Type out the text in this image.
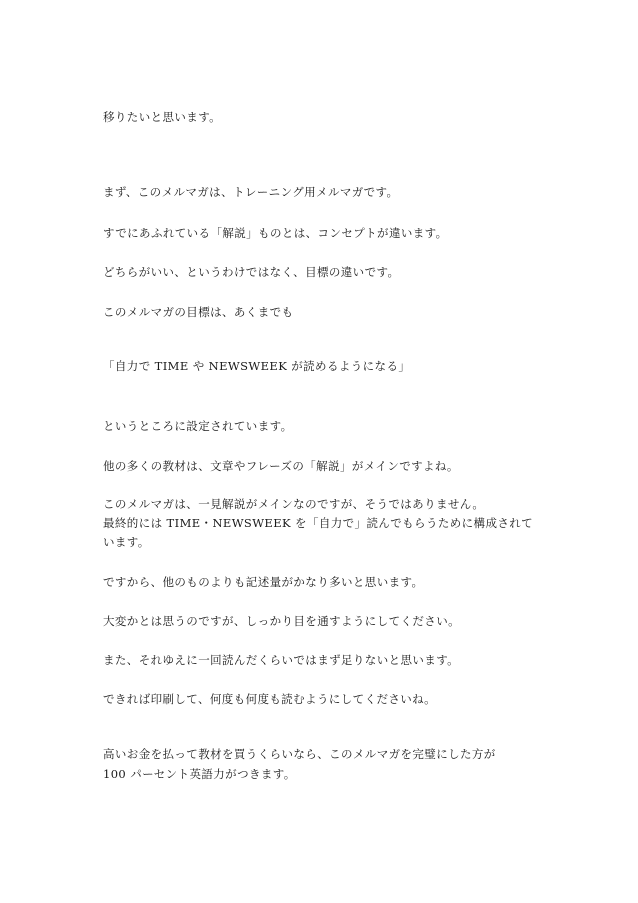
移りたいと思います。
まず、このメルマガは、トレーニング用メルマガです。
すでにあふれている「解説」ものとは、コンセプトが違います。
どちらがいい、というわけではなく、目標の違いです。
このメルマガの目標は、あくまでも
「自力で TIME や NEWSWEEK が読めるようになる」
というところに設定されています。
他の多くの教材は、文章やフレーズの「解説」がメインですよね。
このメルマガは、一見解説がメインなのですが、そうではありません。
最終的には TIME・NEWSWEEK を「自力で」読んでもらうために構成されて
います。
ですから、他のものよりも記述量がかなり多いと思います。
大変かとは思うのですが、しっかり目を通すようにしてください。
また、それゆえに一回読んだくらいではまず足りないと思います。
できれば印刷して、何度も何度も読むようにしてくださいね。
高いお金を払って教材を買うくらいなら、このメルマガを完璧にした方が
100 パーセント英語力がつきます。
